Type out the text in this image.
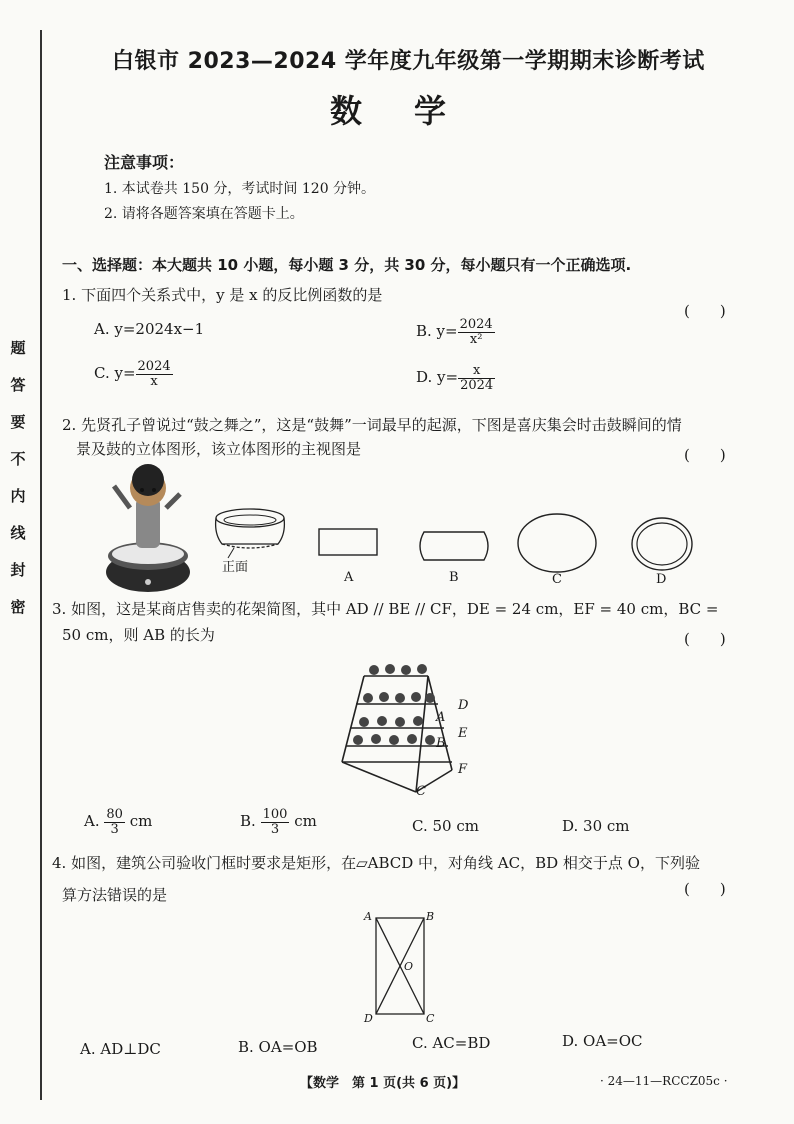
题
答
要
不
内
线
封
密
白银市 2023—2024 学年度九年级第一学期期末诊断考试
数学
注意事项：
1. 本试卷共 150 分，考试时间 120 分钟。
2. 请将各题答案填在答题卡上。
一、选择题：本大题共 10 小题，每小题 3 分，共 30 分，每小题只有一个正确选项.
1. 下面四个关系式中，y 是 x 的反比例函数的是
(　　)
A. y=2024x−1	B. $y= \frac{2024}{\text{x²}}$
C. $y= \frac{2024}{x}$	D. $y= \frac{x}{2024}$
2. 先贤孔子曾说过“鼓之舞之”，这是“鼓舞”一词最早的起源，下图是喜庆集会时击鼓瞬间的情
景及鼓的立体图形，该立体图形的主视图是	(　　)
正面
A	B	C	D
3. 如图，这是某商店售卖的花架简图，其中 AD // BE // CF，DE = 24 cm，EF = 40 cm，BC =
50 cm，则 AB 的长为	(　　)
A
B
C
D
E
F
A. $\frac{80}{3}$ cm	B. $\frac{100}{3}$ cm	C. 50 cm	D. 30 cm
4. 如图，建筑公司验收门框时要求是矩形，在▱ABCD 中，对角线 AC，BD 相交于点 O，下列验
算方法错误的是	(　　)
A	B
O
D	C
A. AD⊥DC	B. OA=OB	C. AC=BD	D. OA=OC
【数学　第 1 页(共 6 页)】	· 24—11—RCCZ05c ·
